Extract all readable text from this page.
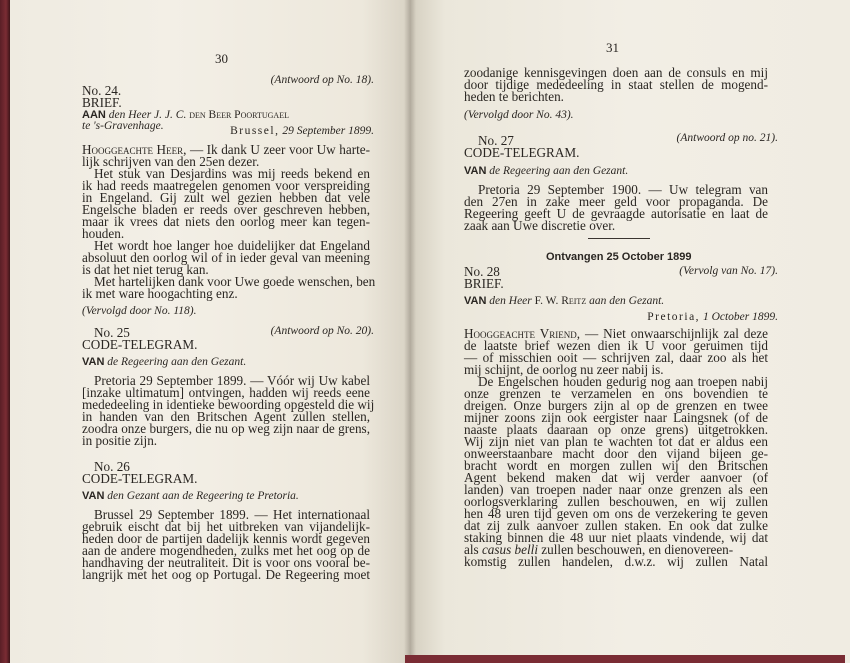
30
(Antwoord op No. 18).
No. 24.
BRIEF.
AAN den Heer J. J. C. den Beer Poortugael
te 's-Gravenhage.	Brussel, 29 September 1899.
Hooggeachte Heer, — Ik dank U zeer voor Uw harte-
lijk schrijven van den 25en dezer.
Het stuk van Desjardins was mij reeds bekend en
ik had reeds maatregelen genomen voor verspreiding
in Engeland. Gij zult wel gezien hebben dat vele
Engelsche bladen er reeds over geschreven hebben,
maar ik vrees dat niets den oorlog meer kan tegen-
houden.
Het wordt hoe langer hoe duidelijker dat Engeland
absoluut den oorlog wil of in ieder geval van meening
is dat het niet terug kan.
Met hartelijken dank voor Uwe goede wenschen, ben
ik met ware hoogachting enz.
(Vervolgd door No. 118).
No. 25	(Antwoord op No. 20).
CODE-TELEGRAM.
VAN de Regeering aan den Gezant.
Pretoria 29 September 1899. — Vóór wij Uw kabel
[inzake ultimatum] ontvingen, hadden wij reeds eene
mededeeling in identieke bewoording opgesteld die wij
in handen van den Britschen Agent zullen stellen,
zoodra onze burgers, die nu op weg zijn naar de grens,
in positie zijn.
No. 26
CODE-TELEGRAM.
VAN den Gezant aan de Regeering te Pretoria.
Brussel 29 September 1899. — Het internationaal
gebruik eischt dat bij het uitbreken van vijandelijk-
heden door de partijen dadelijk kennis wordt gegeven
aan de andere mogendheden, zulks met het oog op de
handhaving der neutraliteit. Dit is voor ons vooral be-
langrijk met het oog op Portugal. De Regeering moet
31
zoodanige kennisgevingen doen aan de consuls en mij
door tijdige mededeeling in staat stellen de mogend-
heden te berichten.
(Vervolgd door No. 43).
No. 27	(Antwoord op no. 21).
CODE-TELEGRAM.
VAN de Regeering aan den Gezant.
Pretoria 29 September 1900. — Uw telegram van
den 27en in zake meer geld voor propaganda. De
Regeering geeft U de gevraagde autorisatie en laat de
zaak aan Uwe discretie over.
Ontvangen 25 October 1899
No. 28	(Vervolg van No. 17).
BRIEF.
VAN den Heer F. W. Reitz aan den Gezant.
Pretoria, 1 October 1899.
Hooggeachte Vriend, — Niet onwaarschijnlijk zal deze
de laatste brief wezen dien ik U voor geruimen tijd
— of misschien ooit — schrijven zal, daar zoo als het
mij schijnt, de oorlog nu zeer nabij is.
De Engelschen houden gedurig nog aan troepen nabij
onze grenzen te verzamelen en ons bovendien te
dreigen. Onze burgers zijn al op de grenzen en twee
mijner zoons zijn ook eergister naar Laingsnek (of de
naaste plaats daaraan op onze grens) uitgetrokken.
Wij zijn niet van plan te wachten tot dat er aldus een
onweerstaanbare macht door den vijand bijeen ge-
bracht wordt en morgen zullen wij den Britschen
Agent bekend maken dat wij verder aanvoer (of
landen) van troepen nader naar onze grenzen als een
oorlogsverklaring zullen beschouwen, en wij zullen
hen 48 uren tijd geven om ons de verzekering te geven
dat zij zulk aanvoer zullen staken. En ook dat zulke
staking binnen die 48 uur niet plaats vindende, wij dat
als casus belli zullen beschouwen, en dienovereen-
komstig zullen handelen, d.w.z. wij zullen Natal
